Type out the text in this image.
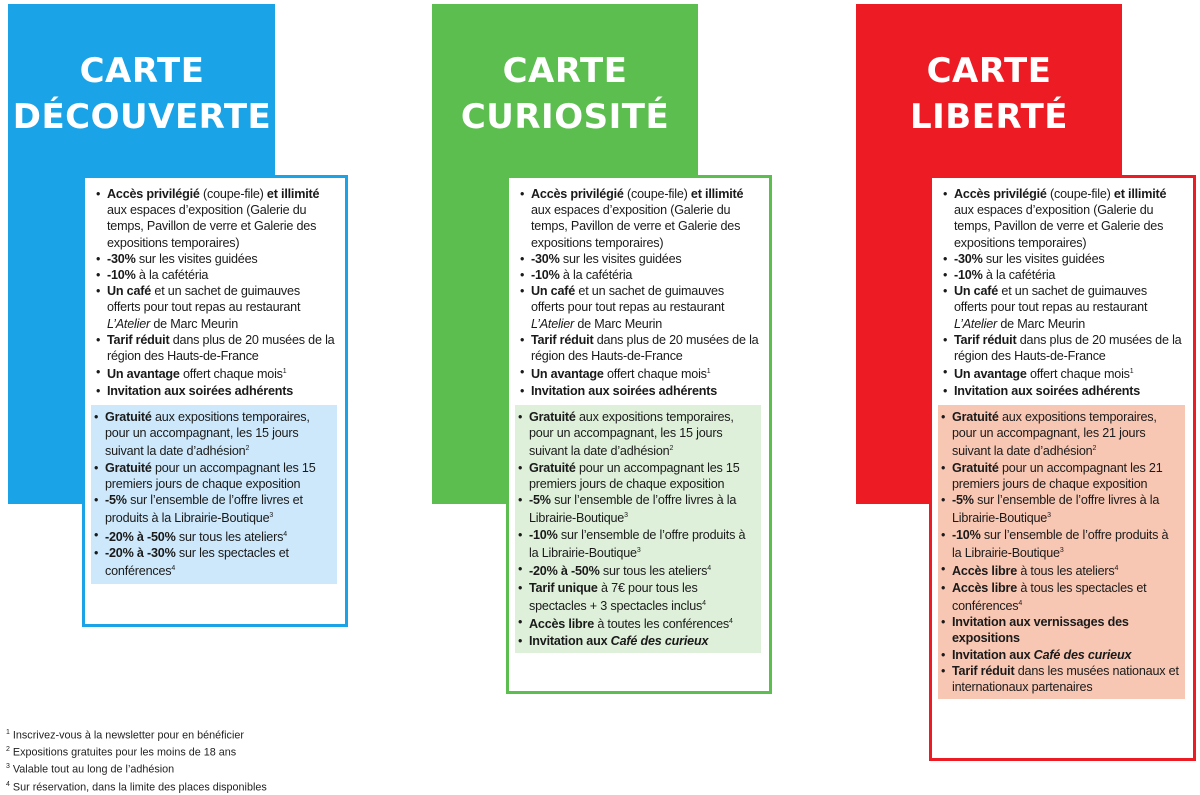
CARTE
DÉCOUVERTE
• Accès privilégié (coupe-file) et illimité aux espaces d’exposition (Galerie du temps, Pavillon de verre et Galerie des expositions temporaires)
• -30% sur les visites guidées
• -10% à la cafétéria
• Un café et un sachet de guimauves offerts pour tout repas au restaurant L’Atelier de Marc Meurin
• Tarif réduit dans plus de 20 musées de la région des Hauts-de-France
• Un avantage offert chaque mois$^1$
• Invitation aux soirées adhérents
• Gratuité aux expositions temporaires, pour un accompagnant, les 15 jours suivant la date d’adhésion$^2$
• Gratuité pour un accompagnant les 15 premiers jours de chaque exposition
• -5% sur l’ensemble de l’offre livres et produits à la Librairie-Boutique$^3$
• -20% à -50% sur tous les ateliers$^4$
• -20% à -30% sur les spectacles et conférences$^4$
CARTE
CURIOSITÉ
• Accès privilégié (coupe-file) et illimité aux espaces d’exposition (Galerie du temps, Pavillon de verre et Galerie des expositions temporaires)
• -30% sur les visites guidées
• -10% à la cafétéria
• Un café et un sachet de guimauves offerts pour tout repas au restaurant L’Atelier de Marc Meurin
• Tarif réduit dans plus de 20 musées de la région des Hauts-de-France
• Un avantage offert chaque mois$^1$
• Invitation aux soirées adhérents
• Gratuité aux expositions temporaires, pour un accompagnant, les 15 jours suivant la date d’adhésion$^2$
• Gratuité pour un accompagnant les 15 premiers jours de chaque exposition
• -5% sur l’ensemble de l’offre livres à la Librairie-Boutique$^3$
• -10% sur l’ensemble de l’offre produits à la Librairie-Boutique$^3$
• -20% à -50% sur tous les ateliers$^4$
• Tarif unique à 7€ pour tous les spectacles + 3 spectacles inclus$^4$
• Accès libre à toutes les conférences$^4$
• Invitation aux Café des curieux
CARTE
LIBERTÉ
• Accès privilégié (coupe-file) et illimité aux espaces d’exposition (Galerie du temps, Pavillon de verre et Galerie des expositions temporaires)
• -30% sur les visites guidées
• -10% à la cafétéria
• Un café et un sachet de guimauves offerts pour tout repas au restaurant L’Atelier de Marc Meurin
• Tarif réduit dans plus de 20 musées de la région des Hauts-de-France
• Un avantage offert chaque mois$^1$
• Invitation aux soirées adhérents
• Gratuité aux expositions temporaires, pour un accompagnant, les 21 jours suivant la date d’adhésion$^2$
• Gratuité pour un accompagnant les 21 premiers jours de chaque exposition
• -5% sur l’ensemble de l’offre livres à la Librairie-Boutique$^3$
• -10% sur l’ensemble de l’offre produits à la Librairie-Boutique$^3$
• Accès libre à tous les ateliers$^4$
• Accès libre à tous les spectacles et conférences$^4$
• Invitation aux vernissages des expositions
• Invitation aux Café des curieux
• Tarif réduit dans les musées nationaux et internationaux partenaires
$^1$ Inscrivez-vous à la newsletter pour en bénéficier
$^2$ Expositions gratuites pour les moins de 18 ans
$^3$ Valable tout au long de l’adhésion
$^4$ Sur réservation, dans la limite des places disponibles
